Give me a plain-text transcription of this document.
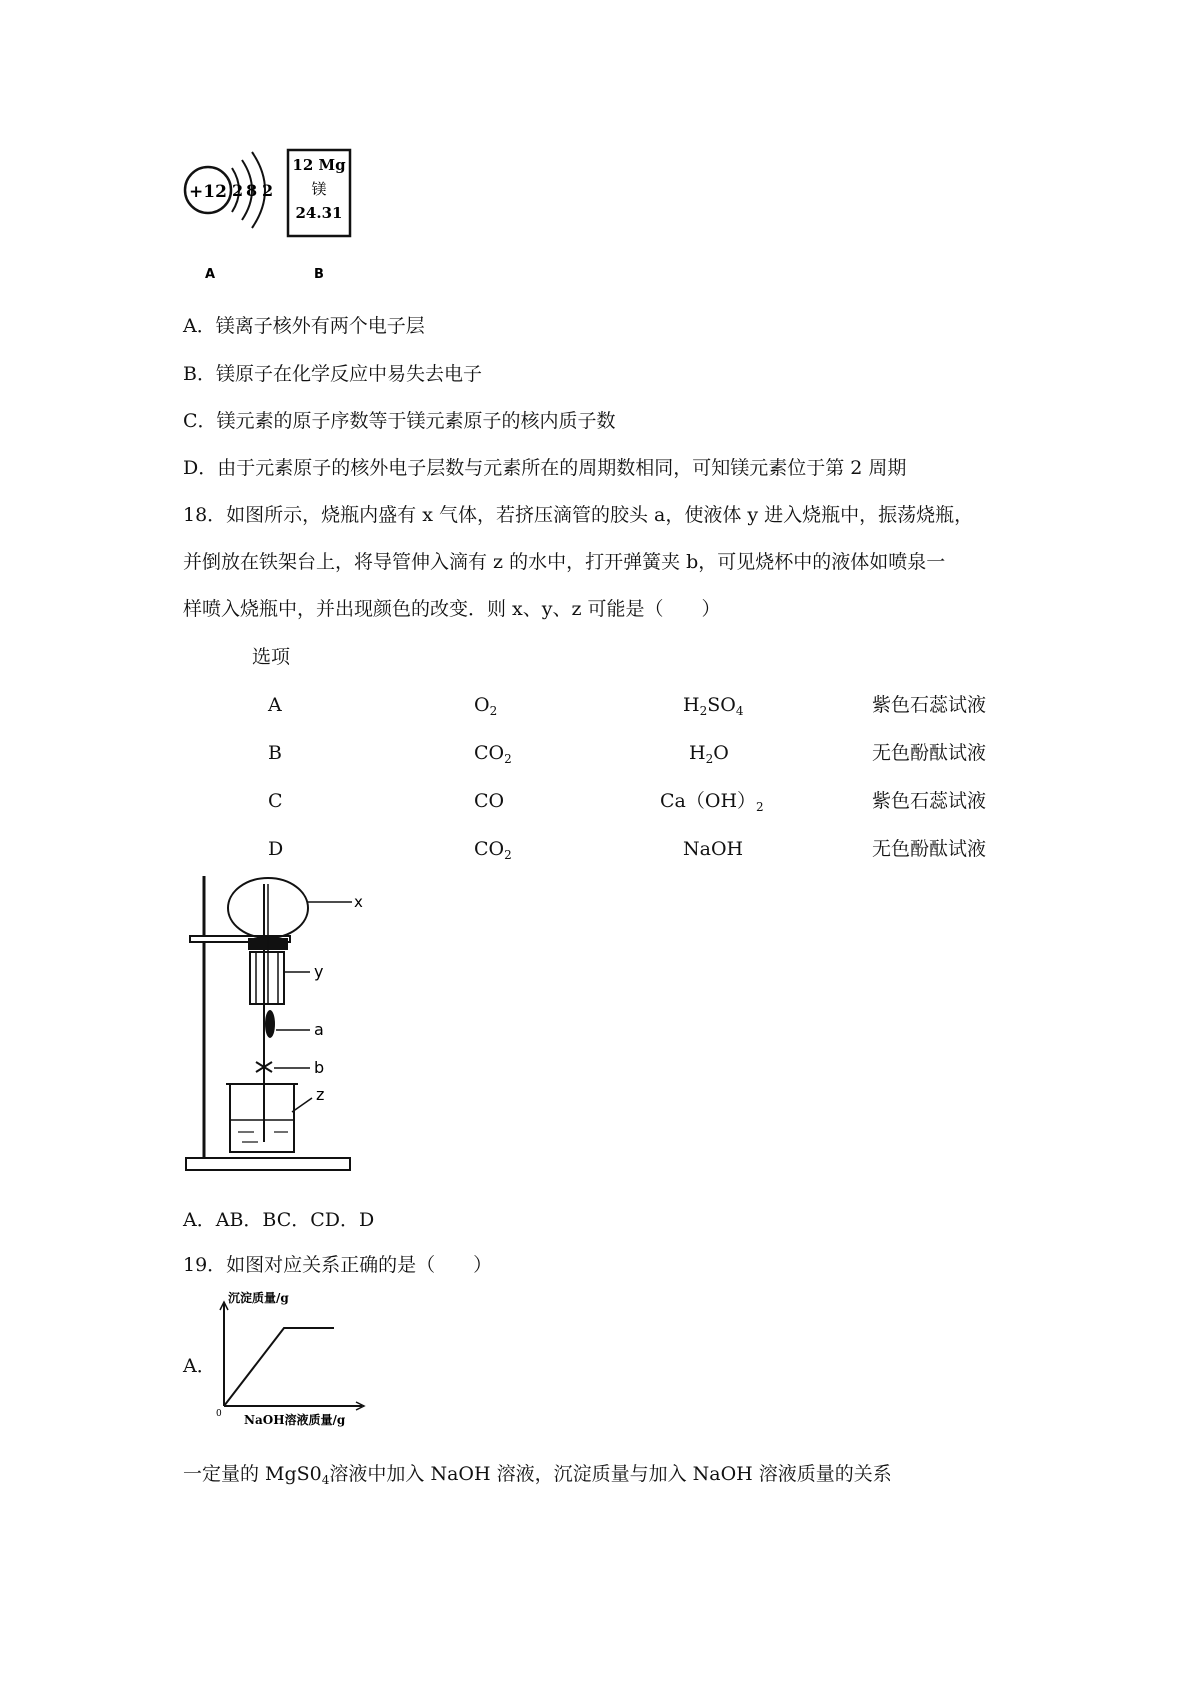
+12 2 8 2
A
12 Mg
镁
24.31
B
A．镁离子核外有两个电子层
B．镁原子在化学反应中易失去电子
C．镁元素的原子序数等于镁元素原子的核内质子数
D．由于元素原子的核外电子层数与元素所在的周期数相同，可知镁元素位于第 2 周期
18．如图所示，烧瓶内盛有 x 气体，若挤压滴管的胶头 a，使液体 y 进入烧瓶中，振荡烧瓶，
并倒放在铁架台上，将导管伸入滴有 z 的水中，打开弹簧夹 b，可见烧杯中的液体如喷泉一
样喷入烧瓶中，并出现颜色的改变．则 x、y、z 可能是（　　）
选项
A	$O_2$	$H_2SO_4$	紫色石蕊试液
B	$CO_2$	$H_2O$	无色酚酞试液
C	CO	$Ca(OH)_2$	紫色石蕊试液
D	$CO_2$	NaOH	无色酚酞试液
x
y
a
b
z
A．AB．BC．CD．D
19．如图对应关系正确的是（　　）
A．
沉淀质量/g
0 NaOH溶液质量/g
一定量的 $MgS0_4$溶液中加入 NaOH 溶液，沉淀质量与加入 NaOH 溶液质量的关系
